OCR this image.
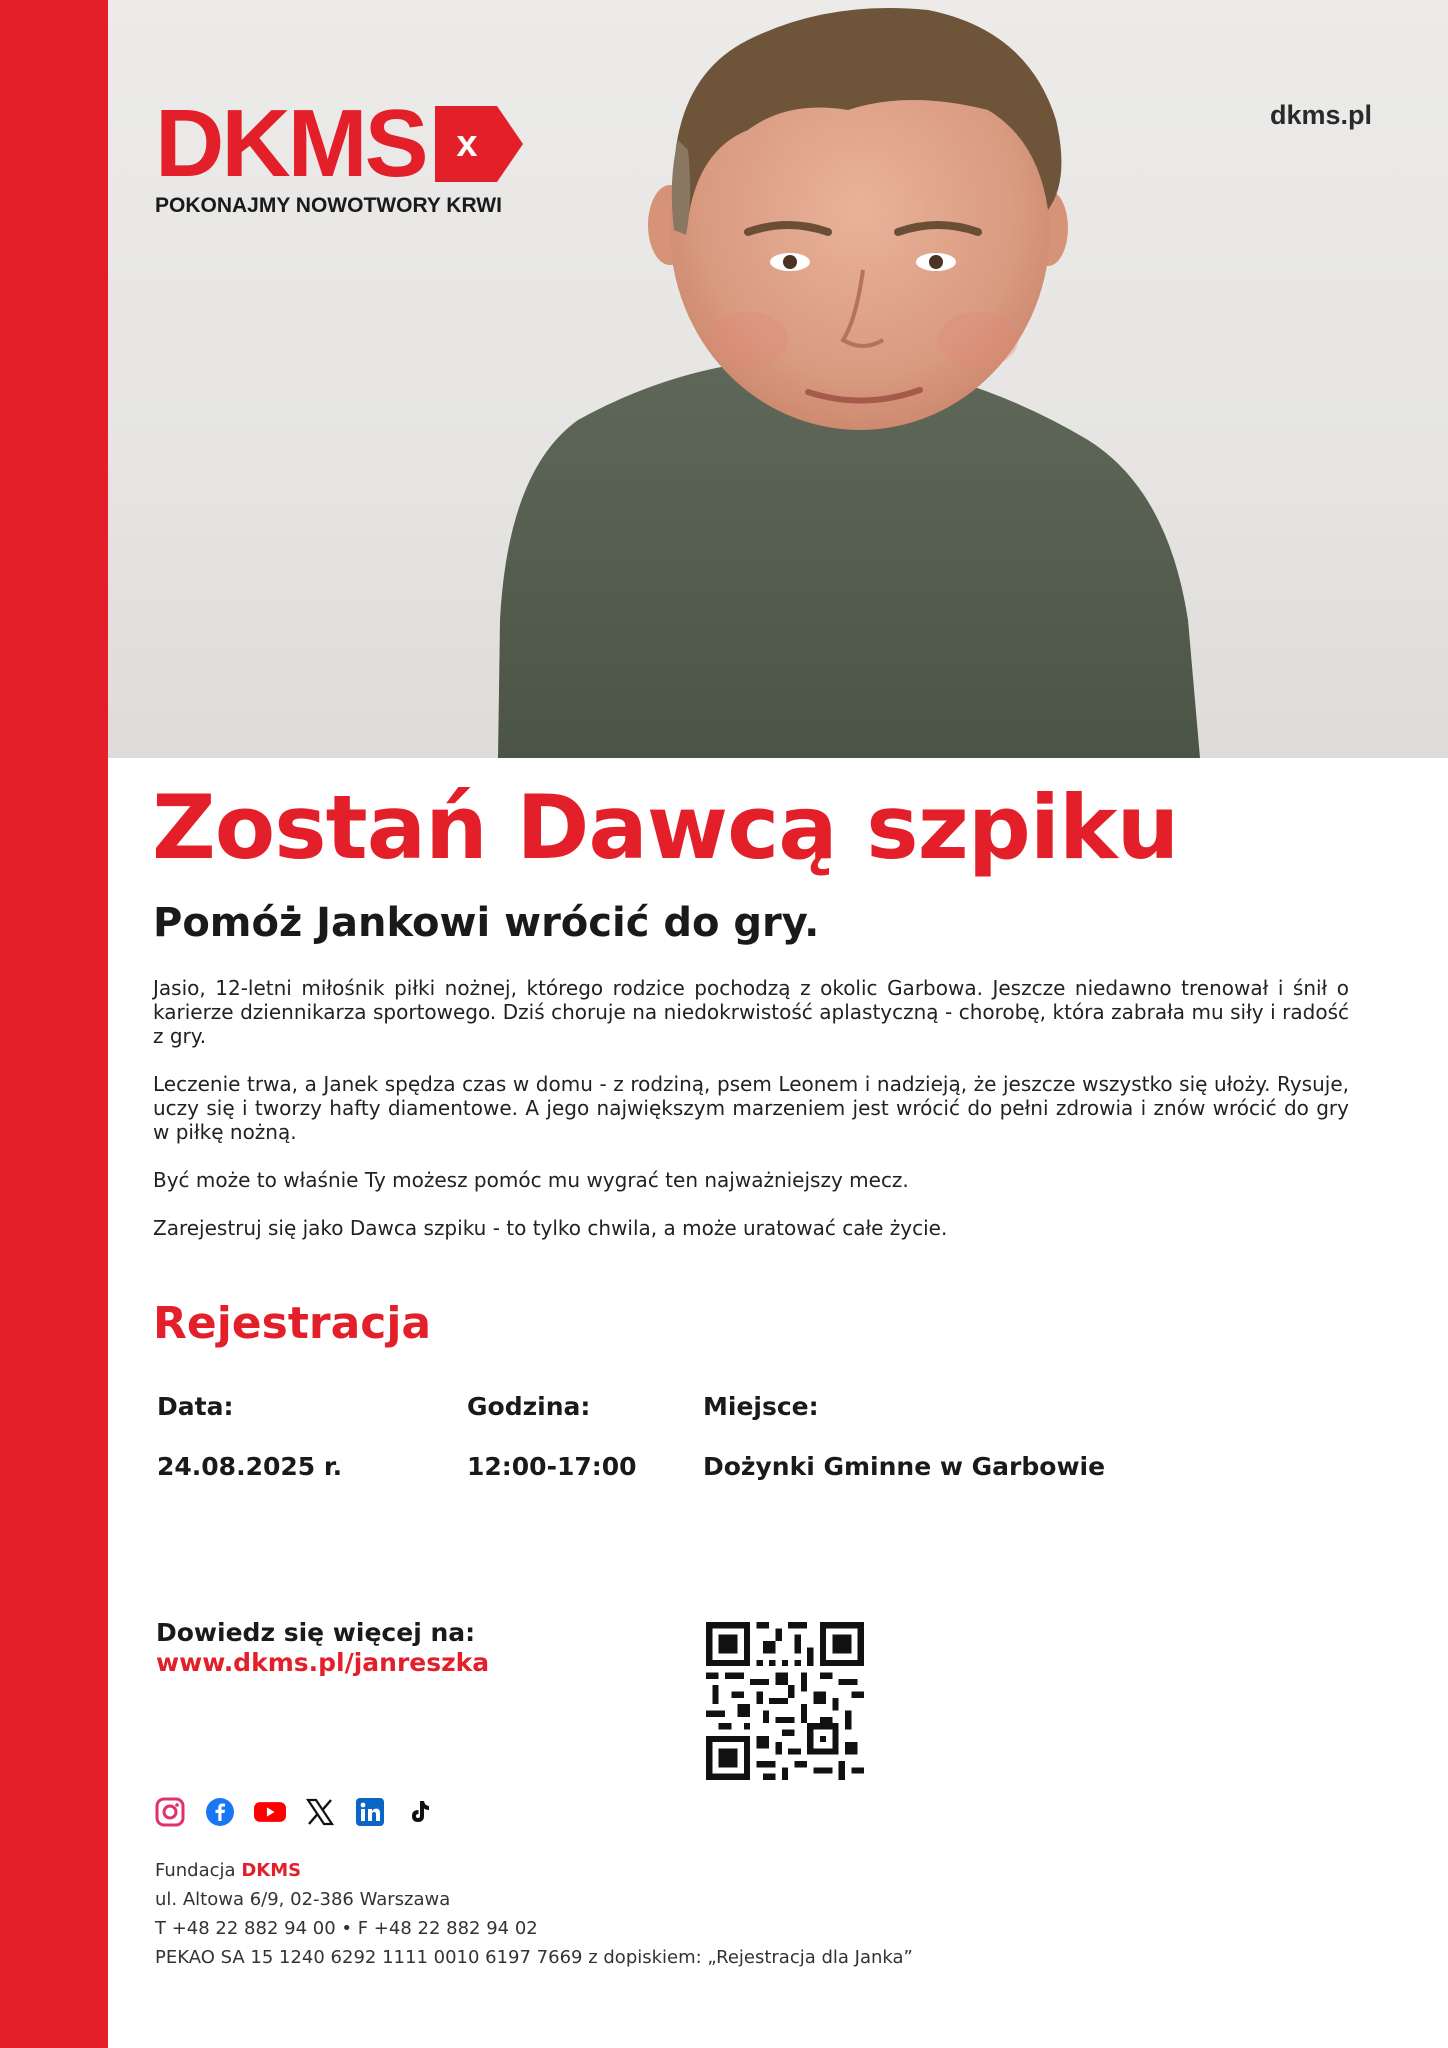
DKMS x
POKONAJMY NOWOTWORY KRWI
dkms.pl
Zostań Dawcą szpiku
Pomóż Jankowi wrócić do gry.

Jasio, 12-letni miłośnik piłki nożnej, którego rodzice pochodzą z okolic Garbowa. Jeszcze niedawno trenował i śnił o karierze dziennikarza sportowego. Dziś choruje na niedokrwistość aplastyczną - chorobę, która zabrała mu siły i radość z gry.

Leczenie trwa, a Janek spędza czas w domu - z rodziną, psem Leonem i nadzieją, że jeszcze wszystko się ułoży. Rysuje, uczy się i tworzy hafty diamentowe. A jego największym marzeniem jest wrócić do pełni zdrowia i znów wrócić do gry w piłkę nożną.

Być może to właśnie Ty możesz pomóc mu wygrać ten najważniejszy mecz.

Zarejestruj się jako Dawca szpiku - to tylko chwila, a może uratować całe życie.

Rejestracja
Data:
24.08.2025 r.
Godzina:
12:00-17:00
Miejsce:
Dożynki Gminne w Garbowie
Dowiedz się więcej na:
www.dkms.pl/janreszka
Fundacja DKMS
ul. Altowa 6/9, 02-386 Warszawa
T +48 22 882 94 00 • F +48 22 882 94 02
PEKAO SA 15 1240 6292 1111 0010 6197 7669 z dopiskiem: „Rejestracja dla Janka”
